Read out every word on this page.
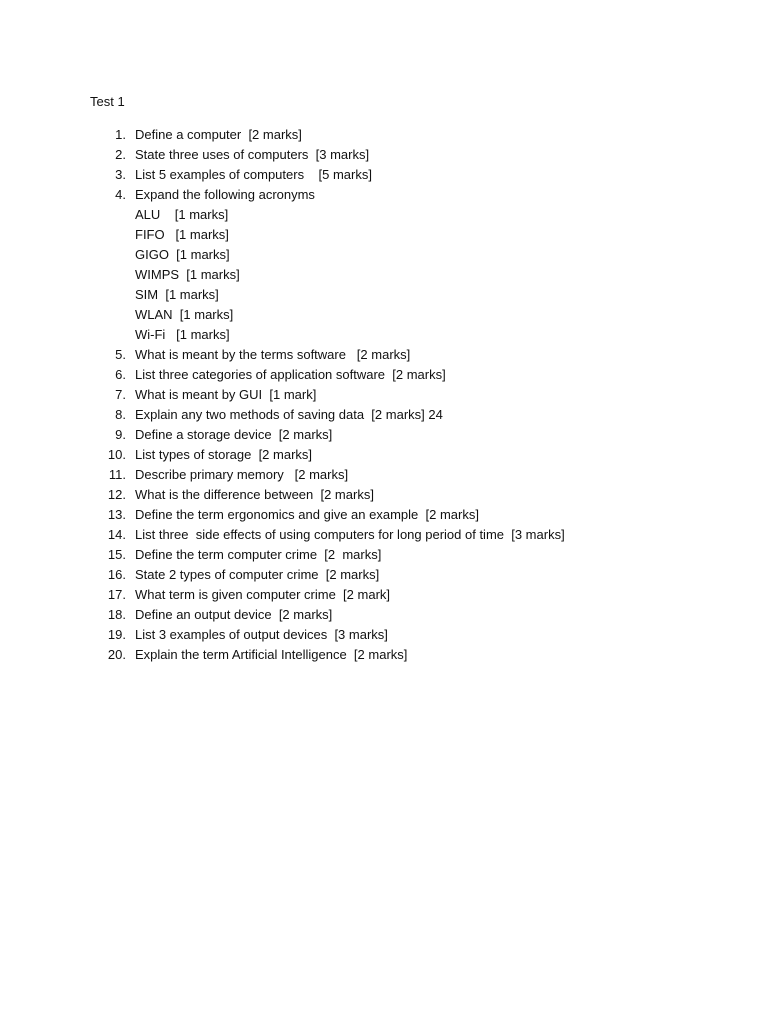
Test 1
1. Define a computer  [2 marks]
2. State three uses of computers  [3 marks]
3. List 5 examples of computers    [5 marks]
4. Expand the following acronyms
ALU    [1 marks]
FIFO   [1 marks]
GIGO  [1 marks]
WIMPS  [1 marks]
SIM  [1 marks]
WLAN  [1 marks]
Wi-Fi   [1 marks]
5. What is meant by the terms software   [2 marks]
6. List three categories of application software  [2 marks]
7. What is meant by GUI  [1 mark]
8. Explain any two methods of saving data  [2 marks] 24
9. Define a storage device  [2 marks]
10. List types of storage  [2 marks]
11. Describe primary memory   [2 marks]
12. What is the difference between  [2 marks]
13. Define the term ergonomics and give an example  [2 marks]
14. List three  side effects of using computers for long period of time  [3 marks]
15. Define the term computer crime  [2  marks]
16. State 2 types of computer crime  [2 marks]
17. What term is given computer crime  [2 mark]
18. Define an output device  [2 marks]
19. List 3 examples of output devices  [3 marks]
20. Explain the term Artificial Intelligence  [2 marks]
